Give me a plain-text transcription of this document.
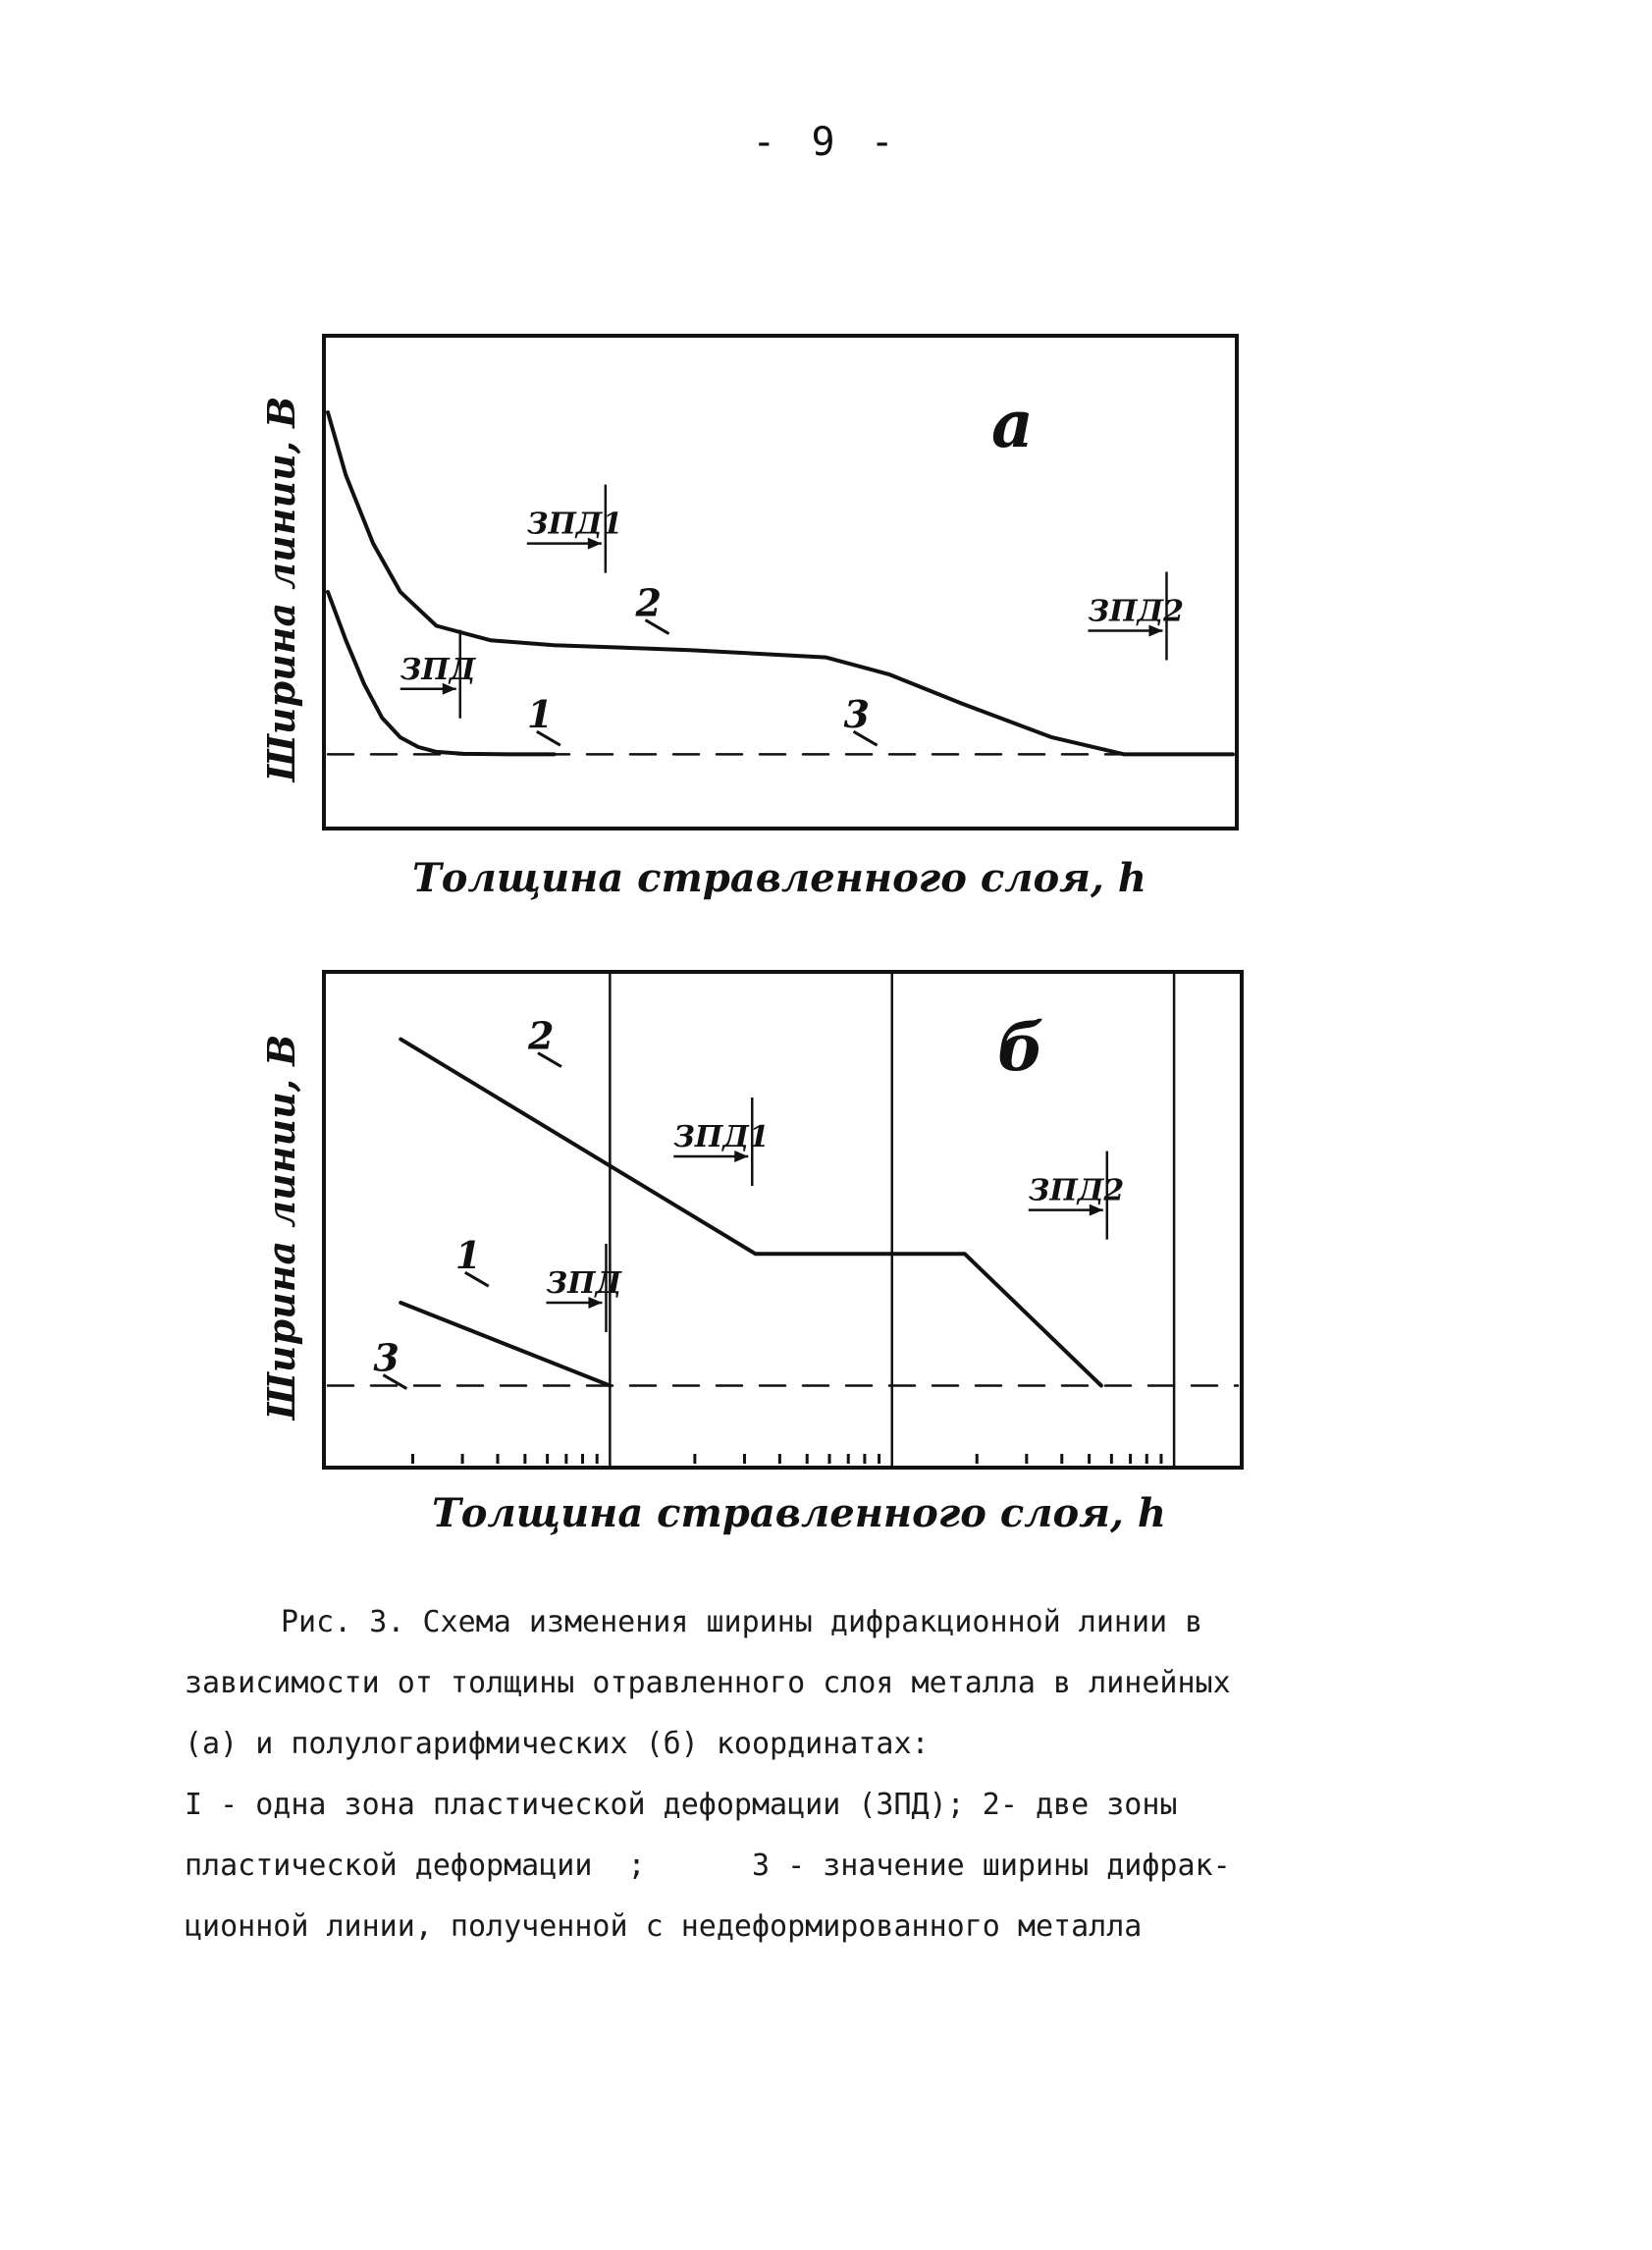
- 9 -
а
ЗПД1
ЗПД
ЗПД2
1
2
3
Ширина линии, В
Толщина стравленного слоя, h
б
ЗПД1
ЗПД
ЗПД2
1
2
3
Ширина линии, В
Толщина стравленного слоя, h

Рис. 3. Схема изменения ширины дифракционной линии в

зависимости от толщины отравленного слоя металла в линейных

(а) и полулогарифмических (б) координатах:

I - одна зона пластической деформации (ЗПД); 2- две зоны

пластической деформации  ;      3 - значение ширины дифрак-

ционной линии, полученной с недеформированного металла
